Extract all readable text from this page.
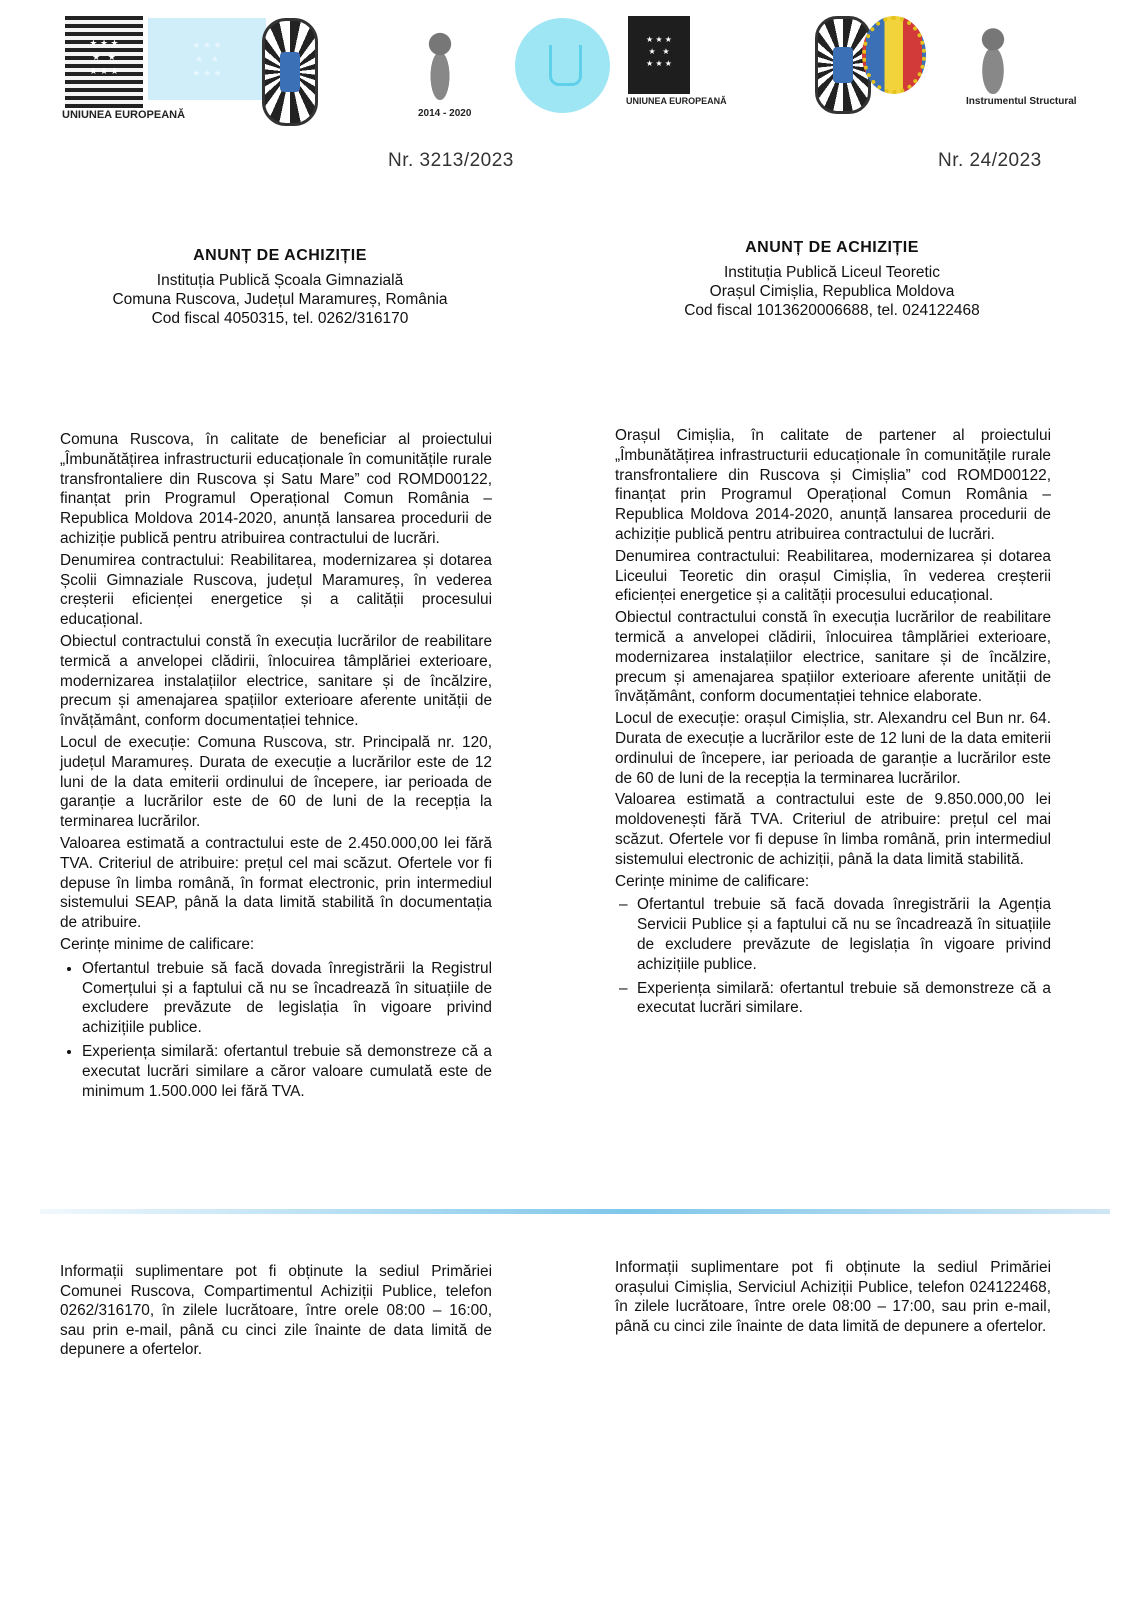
★ ★ ★
★   ★
★ ★ ★
UNIUNEA EUROPEANĂ
★ ★ ★
★   ★
★ ★ ★
2014 - 2020
★ ★ ★
★   ★
★ ★ ★
UNIUNEA EUROPEANĂ	Instrumentul Structural
Nr. 3213/2023	Nr. 24/2023
ANUNȚ DE ACHIZIȚIE
Instituția Publică Școala Gimnazială
Comuna Ruscova, Județul Maramureș, România
Cod fiscal 4050315, tel. 0262/316170
ANUNȚ DE ACHIZIȚIE
Instituția Publică Liceul Teoretic
Orașul Cimișlia, Republica Moldova
Cod fiscal 1013620006688, tel. 024122468

Comuna Ruscova, în calitate de beneficiar al proiectului „Îmbunătățirea infrastructurii educaționale în comunitățile rurale transfrontaliere din Ruscova și Satu Mare” cod ROMD00122, finanțat prin Programul Operațional Comun România – Republica Moldova 2014-2020, anunță lansarea procedurii de achiziție publică pentru atribuirea contractului de lucrări.

Denumirea contractului: Reabilitarea, modernizarea și dotarea Școlii Gimnaziale Ruscova, județul Maramureș, în vederea creșterii eficienței energetice și a calității procesului educațional.

Obiectul contractului constă în execuția lucrărilor de reabilitare termică a anvelopei clădirii, înlocuirea tâmplăriei exterioare, modernizarea instalațiilor electrice, sanitare și de încălzire, precum și amenajarea spațiilor exterioare aferente unității de învățământ, conform documentației tehnice.

Locul de execuție: Comuna Ruscova, str. Principală nr. 120, județul Maramureș. Durata de execuție a lucrărilor este de 12 luni de la data emiterii ordinului de începere, iar perioada de garanție a lucrărilor este de 60 de luni de la recepția la terminarea lucrărilor.

Valoarea estimată a contractului este de 2.450.000,00 lei fără TVA. Criteriul de atribuire: prețul cel mai scăzut. Ofertele vor fi depuse în limba română, în format electronic, prin intermediul sistemului SEAP, până la data limită stabilită în documentația de atribuire.

Cerințe minime de calificare:

• Ofertantul trebuie să facă dovada înregistrării la Registrul Comerțului și a faptului că nu se încadrează în situațiile de excludere prevăzute de legislația în vigoare privind achizițiile publice.
• Experiența similară: ofertantul trebuie să demonstreze că a executat lucrări similare a căror valoare cumulată este de minimum 1.500.000 lei fără TVA.

Orașul Cimișlia, în calitate de partener al proiectului „Îmbunătățirea infrastructurii educaționale în comunitățile rurale transfrontaliere din Ruscova și Cimișlia” cod ROMD00122, finanțat prin Programul Operațional Comun România – Republica Moldova 2014-2020, anunță lansarea procedurii de achiziție publică pentru atribuirea contractului de lucrări.

Denumirea contractului: Reabilitarea, modernizarea și dotarea Liceului Teoretic din orașul Cimișlia, în vederea creșterii eficienței energetice și a calității procesului educațional.

Obiectul contractului constă în execuția lucrărilor de reabilitare termică a anvelopei clădirii, înlocuirea tâmplăriei exterioare, modernizarea instalațiilor electrice, sanitare și de încălzire, precum și amenajarea spațiilor exterioare aferente unității de învățământ, conform documentației tehnice elaborate.

Locul de execuție: orașul Cimișlia, str. Alexandru cel Bun nr. 64. Durata de execuție a lucrărilor este de 12 luni de la data emiterii ordinului de începere, iar perioada de garanție a lucrărilor este de 60 de luni de la recepția la terminarea lucrărilor.

Valoarea estimată a contractului este de 9.850.000,00 lei moldovenești fără TVA. Criteriul de atribuire: prețul cel mai scăzut. Ofertele vor fi depuse în limba română, prin intermediul sistemului electronic de achiziții, până la data limită stabilită.

Cerințe minime de calificare:

– Ofertantul trebuie să facă dovada înregistrării la Agenția Servicii Publice și a faptului că nu se încadrează în situațiile de excludere prevăzute de legislația în vigoare privind achizițiile publice.
– Experiența similară: ofertantul trebuie să demonstreze că a executat lucrări similare.
Informații suplimentare pot fi obținute la sediul Primăriei Comunei Ruscova, Compartimentul Achiziții Publice, telefon 0262/316170, în zilele lucrătoare, între orele 08:00 – 16:00, sau prin e-mail, până cu cinci zile înainte de data limită de depunere a ofertelor.
Informații suplimentare pot fi obținute la sediul Primăriei orașului Cimișlia, Serviciul Achiziții Publice, telefon 024122468, în zilele lucrătoare, între orele 08:00 – 17:00, sau prin e-mail, până cu cinci zile înainte de data limită de depunere a ofertelor.
